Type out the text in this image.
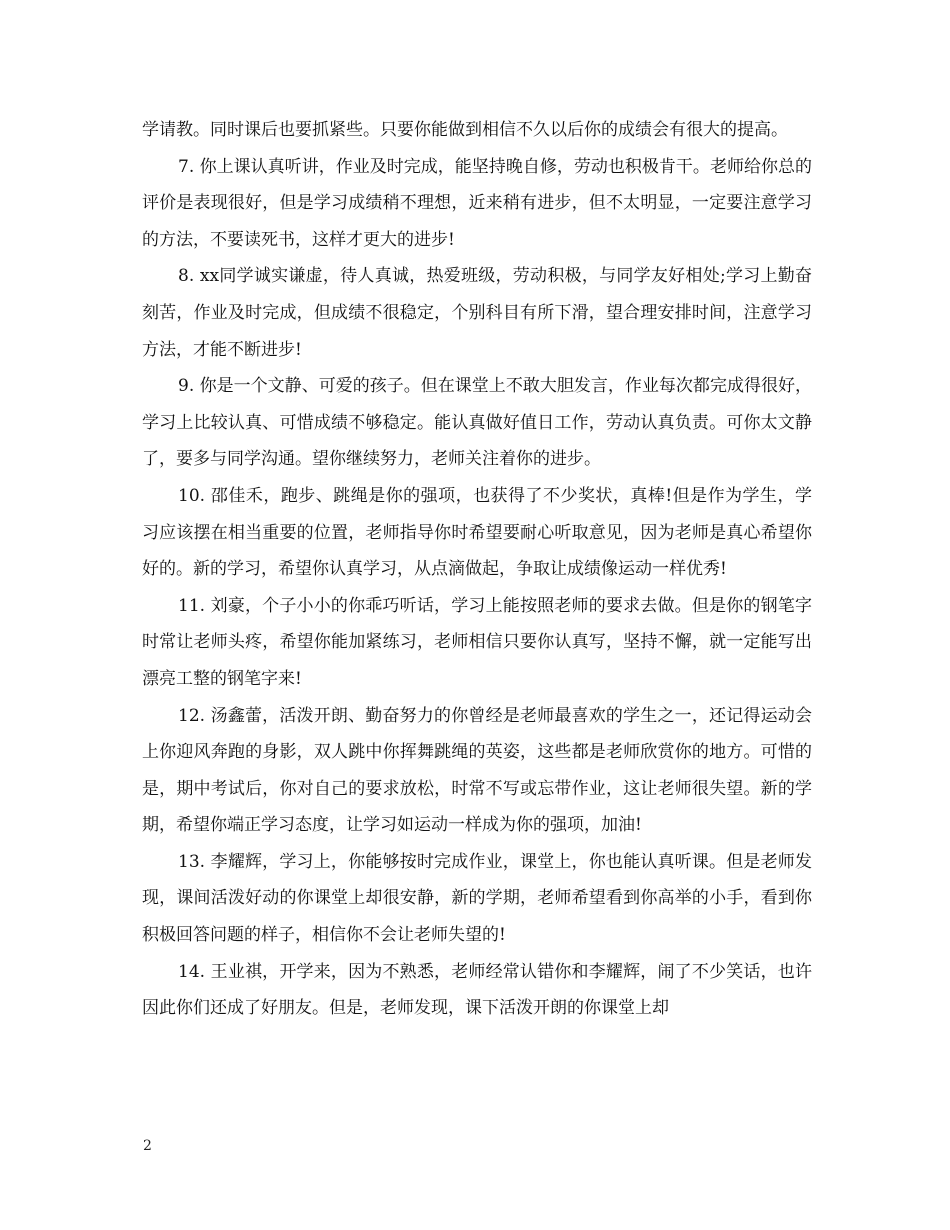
学请教。同时课后也要抓紧些。只要你能做到相信不久以后你的成绩会有很大的提高。

7. 你上课认真听讲，作业及时完成，能坚持晚自修，劳动也积极肯干。老师给你总的评价是表现很好，但是学习成绩稍不理想，近来稍有进步，但不太明显，一定要注意学习的方法，不要读死书，这样才更大的进步!

8. xx同学诚实谦虚，待人真诚，热爱班级，劳动积极，与同学友好相处;学习上勤奋刻苦，作业及时完成，但成绩不很稳定，个别科目有所下滑，望合理安排时间，注意学习方法，才能不断进步!

9. 你是一个文静、可爱的孩子。但在课堂上不敢大胆发言，作业每次都完成得很好，学习上比较认真、可惜成绩不够稳定。能认真做好值日工作，劳动认真负责。可你太文静了，要多与同学沟通。望你继续努力，老师关注着你的进步。

10. 邵佳禾，跑步、跳绳是你的强项，也获得了不少奖状，真棒!但是作为学生，学习应该摆在相当重要的位置，老师指导你时希望要耐心听取意见，因为老师是真心希望你好的。新的学习，希望你认真学习，从点滴做起，争取让成绩像运动一样优秀!

11. 刘豪，个子小小的你乖巧听话，学习上能按照老师的要求去做。但是你的钢笔字时常让老师头疼，希望你能加紧练习，老师相信只要你认真写，坚持不懈，就一定能写出漂亮工整的钢笔字来!

12. 汤鑫蕾，活泼开朗、勤奋努力的你曾经是老师最喜欢的学生之一，还记得运动会上你迎风奔跑的身影，双人跳中你挥舞跳绳的英姿，这些都是老师欣赏你的地方。可惜的是，期中考试后，你对自己的要求放松，时常不写或忘带作业，这让老师很失望。新的学期，希望你端正学习态度，让学习如运动一样成为你的强项，加油!

13. 李耀辉，学习上，你能够按时完成作业，课堂上，你也能认真听课。但是老师发现，课间活泼好动的你课堂上却很安静，新的学期，老师希望看到你高举的小手，看到你积极回答问题的样子，相信你不会让老师失望的!

14. 王业祺，开学来，因为不熟悉，老师经常认错你和李耀辉，闹了不少笑话，也许因此你们还成了好朋友。但是，老师发现，课下活泼开朗的你课堂上却

2
